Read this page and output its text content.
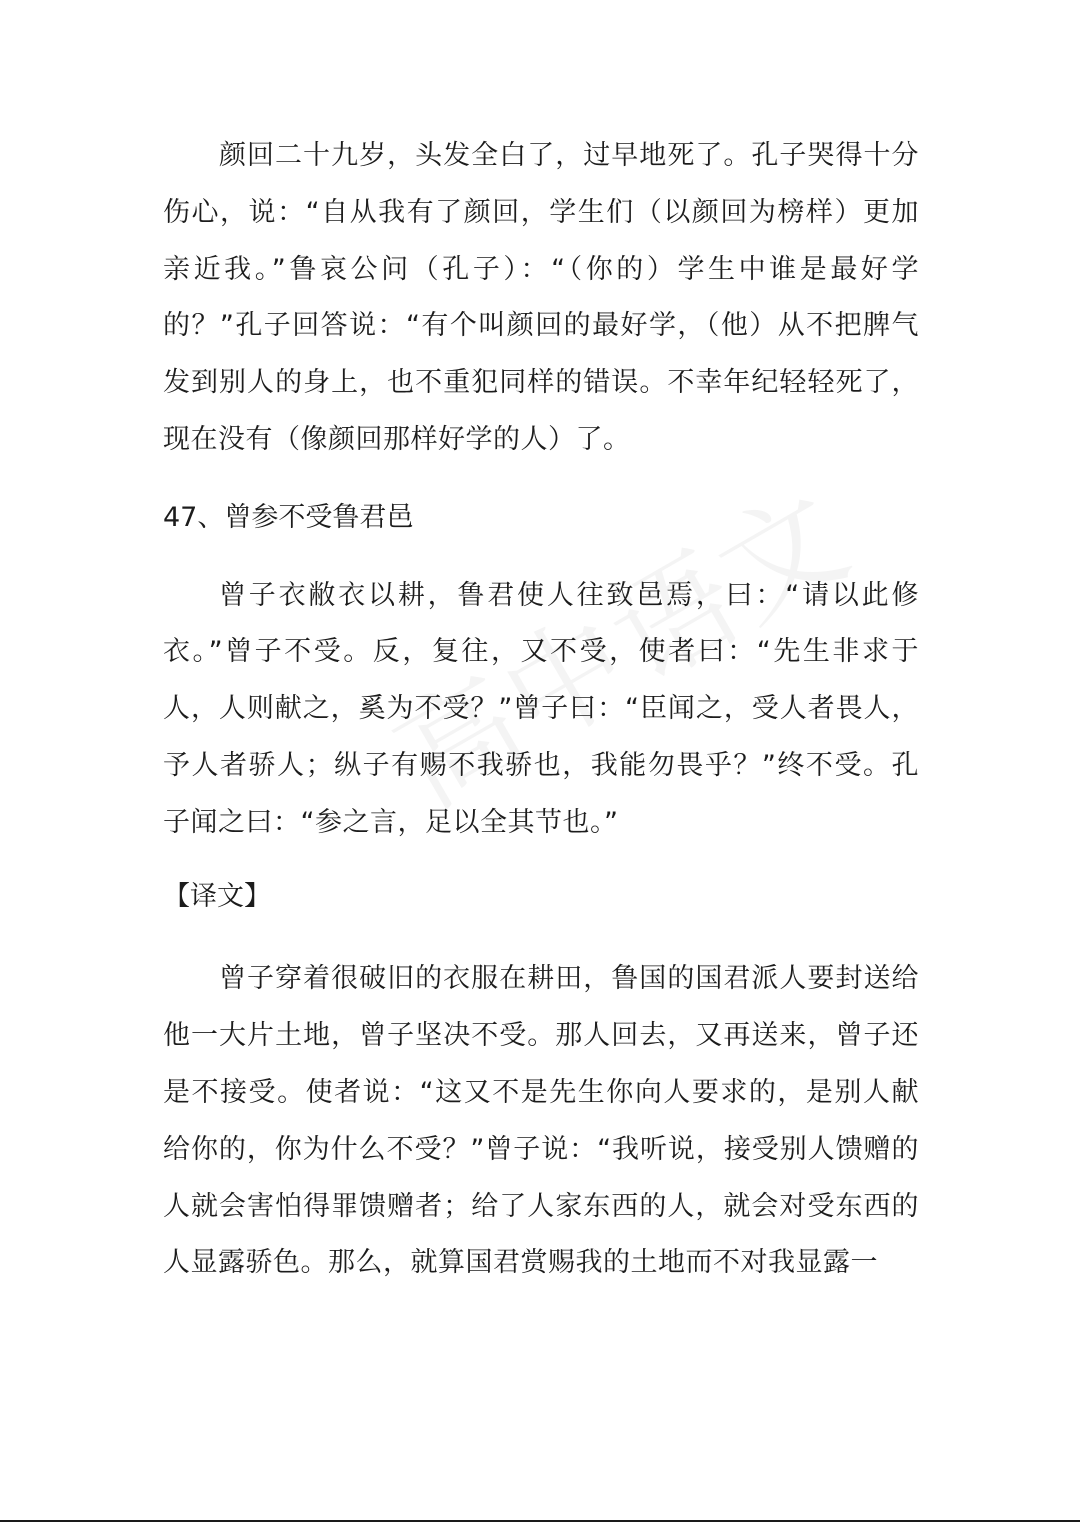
颜回二十九岁，头发全白了，过早地死了。孔子哭得十分伤心，说：“自从我有了颜回，学生们（以颜回为榜样）更加亲近我。”鲁哀公问（孔子）：“（你的）学生中谁是最好学的？”孔子回答说：“有个叫颜回的最好学，（他）从不把脾气发到别人的身上，也不重犯同样的错误。不幸年纪轻轻死了，现在没有（像颜回那样好学的人）了。

47、曾参不受鲁君邑

曾子衣敝衣以耕，鲁君使人往致邑焉，曰：“请以此修衣。”曾子不受。反，复往，又不受，使者曰：“先生非求于人，人则献之，奚为不受？”曾子曰：“臣闻之，受人者畏人，予人者骄人；纵子有赐不我骄也，我能勿畏乎？”终不受。孔子闻之曰：“参之言，足以全其节也。”

【译文】

曾子穿着很破旧的衣服在耕田，鲁国的国君派人要封送给他一大片土地，曾子坚决不受。那人回去，又再送来，曾子还是不接受。使者说：“这又不是先生你向人要求的，是别人献给你的，你为什么不受？”曾子说：“我听说，接受别人馈赠的人就会害怕得罪馈赠者；给了人家东西的人，就会对受东西的人显露骄色。那么，就算国君赏赐我的土地而不对我显露一
